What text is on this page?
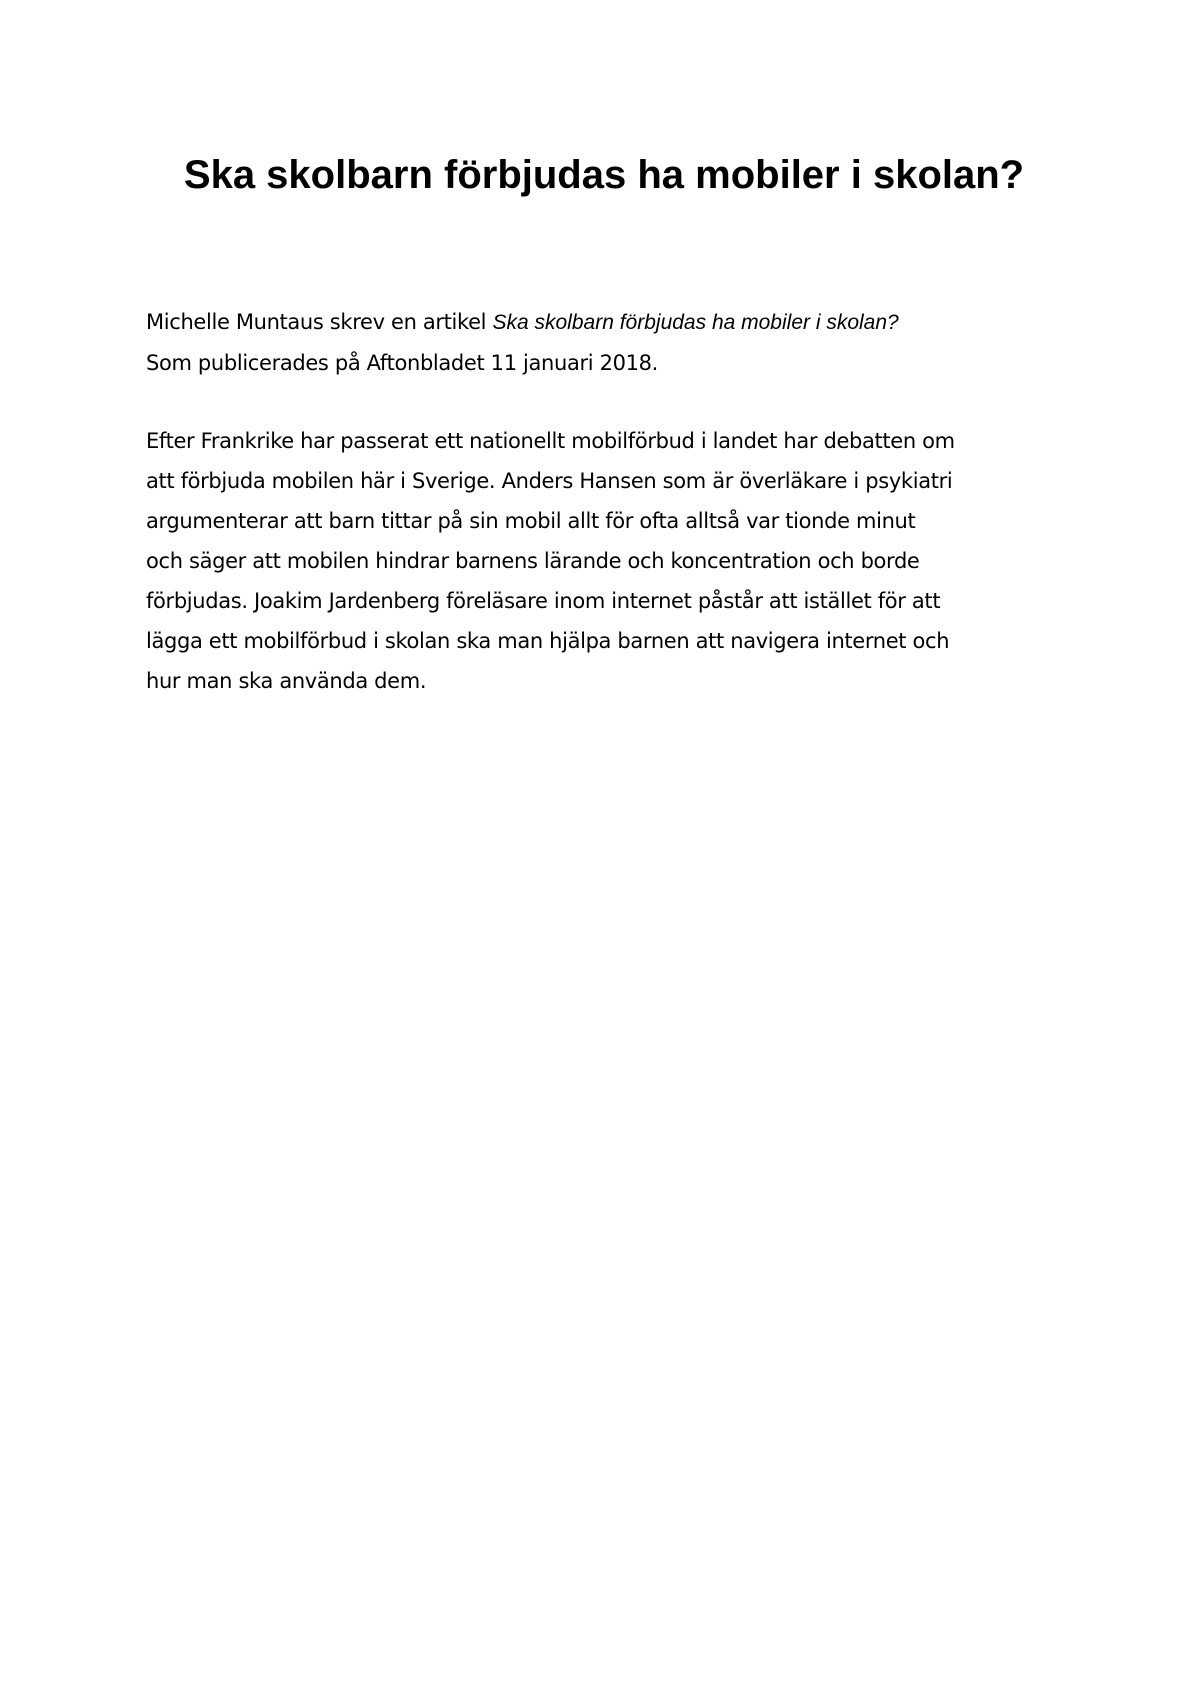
Ska skolbarn förbjudas ha mobiler i skolan?

Michelle Muntaus skrev en artikel Ska skolbarn förbjudas ha mobiler i skolan?
Som publicerades på Aftonbladet 11 januari 2018.

Efter Frankrike har passerat ett nationellt mobilförbud i landet har debatten om
att förbjuda mobilen här i Sverige. Anders Hansen som är överläkare i psykiatri
argumenterar att barn tittar på sin mobil allt för ofta alltså var tionde minut
och säger att mobilen hindrar barnens lärande och koncentration och borde
förbjudas. Joakim Jardenberg föreläsare inom internet påstår att istället för att
lägga ett mobilförbud i skolan ska man hjälpa barnen att navigera internet och
hur man ska använda dem.
